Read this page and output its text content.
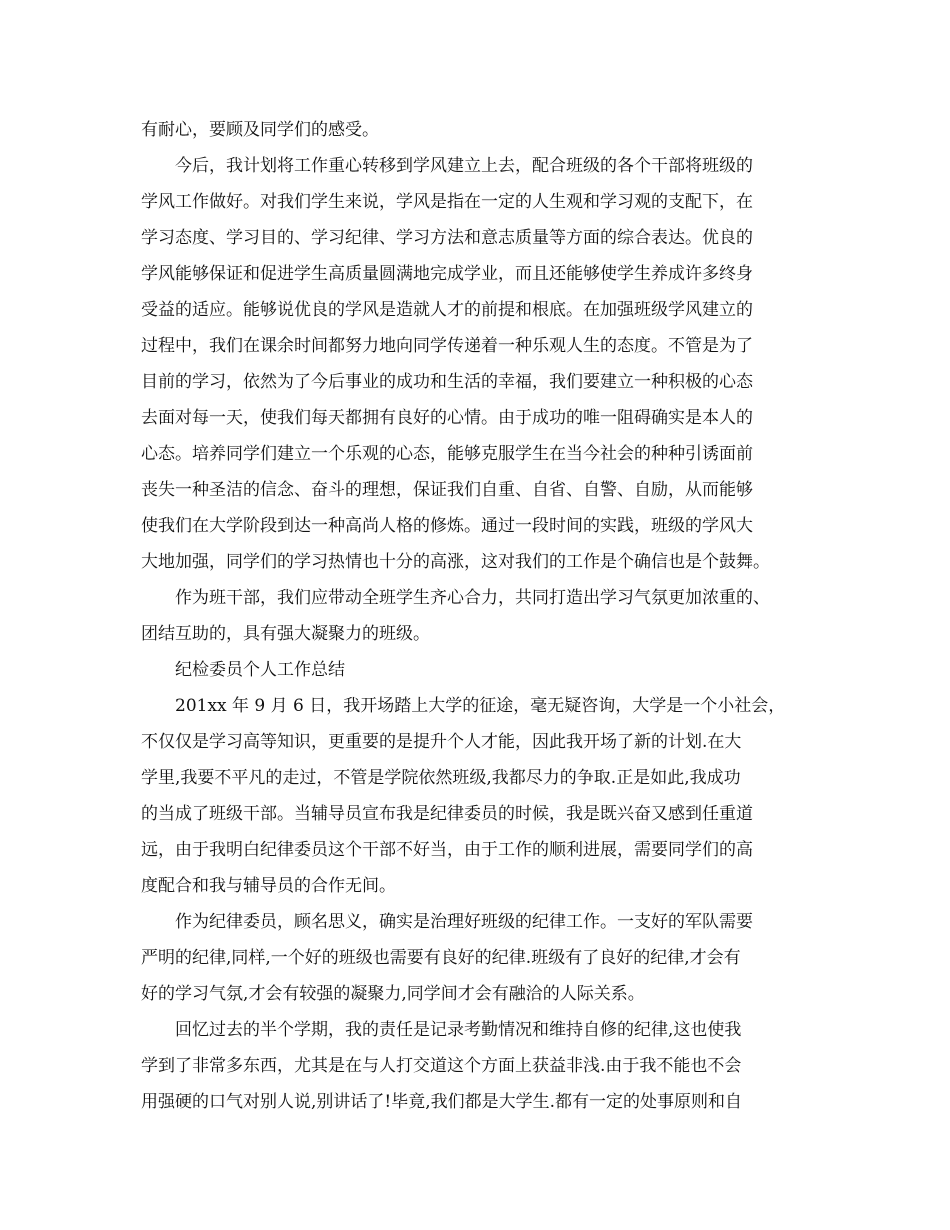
有耐心，要顾及同学们的感受。
今后，我计划将工作重心转移到学风建立上去，配合班级的各个干部将班级的
学风工作做好。对我们学生来说，学风是指在一定的人生观和学习观的支配下，在
学习态度、学习目的、学习纪律、学习方法和意志质量等方面的综合表达。优良的
学风能够保证和促进学生高质量圆满地完成学业，而且还能够使学生养成许多终身
受益的适应。能够说优良的学风是造就人才的前提和根底。在加强班级学风建立的
过程中，我们在课余时间都努力地向同学传递着一种乐观人生的态度。不管是为了
目前的学习，依然为了今后事业的成功和生活的幸福，我们要建立一种积极的心态
去面对每一天，使我们每天都拥有良好的心情。由于成功的唯一阻碍确实是本人的
心态。培养同学们建立一个乐观的心态，能够克服学生在当今社会的种种引诱面前
丧失一种圣洁的信念、奋斗的理想，保证我们自重、自省、自警、自励，从而能够
使我们在大学阶段到达一种高尚人格的修炼。通过一段时间的实践，班级的学风大
大地加强，同学们的学习热情也十分的高涨，这对我们的工作是个确信也是个鼓舞。
作为班干部，我们应带动全班学生齐心合力，共同打造出学习气氛更加浓重的、
团结互助的，具有强大凝聚力的班级。
纪检委员个人工作总结
201xx 年 9 月 6 日，我开场踏上大学的征途，毫无疑咨询，大学是一个小社会，
不仅仅是学习高等知识，更重要的是提升个人才能，因此我开场了新的计划.在大
学里,我要不平凡的走过，不管是学院依然班级,我都尽力的争取.正是如此,我成功
的当成了班级干部。当辅导员宣布我是纪律委员的时候，我是既兴奋又感到任重道
远，由于我明白纪律委员这个干部不好当，由于工作的顺利进展，需要同学们的高
度配合和我与辅导员的合作无间。
作为纪律委员，顾名思义，确实是治理好班级的纪律工作。一支好的军队需要
严明的纪律,同样,一个好的班级也需要有良好的纪律.班级有了良好的纪律,才会有
好的学习气氛,才会有较强的凝聚力,同学间才会有融洽的人际关系。
回忆过去的半个学期，我的责任是记录考勤情况和维持自修的纪律,这也使我
学到了非常多东西，尤其是在与人打交道这个方面上获益非浅.由于我不能也不会
用强硬的口气对别人说,别讲话了!毕竟,我们都是大学生.都有一定的处事原则和自
